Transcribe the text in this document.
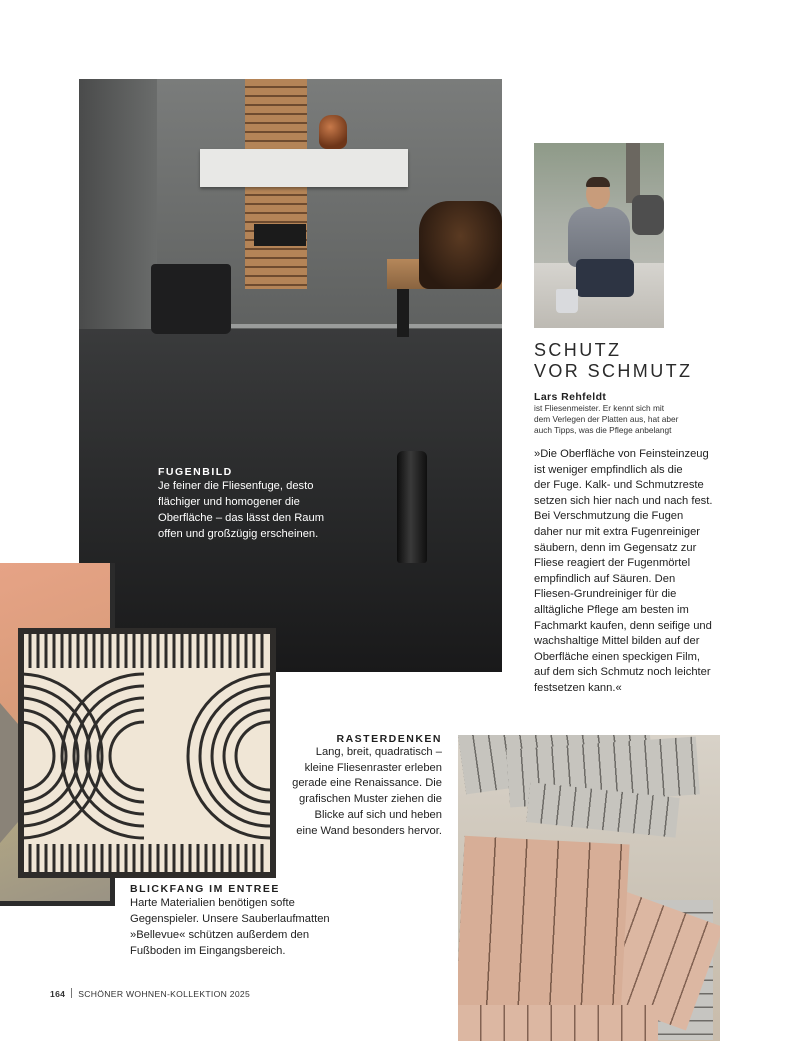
FUGENBILD
Je feiner die Fliesenfuge, desto
flächiger und homogener die
Oberfläche – das lässt den Raum
offen und großzügig erscheinen.
SCHUTZ
VOR SCHMUTZ
Lars Rehfeldt
ist Fliesenmeister. Er kennt sich mit
dem Verlegen der Platten aus, hat aber
auch Tipps, was die Pflege anbelangt
»Die Oberfläche von Feinsteinzeug
ist weniger empfindlich als die
der Fuge. Kalk- und Schmutzreste
setzen sich hier nach und nach fest.
Bei Verschmutzung die Fugen
daher nur mit extra Fugenreiniger
säubern, denn im Gegensatz zur
Fliese reagiert der Fugenmörtel
empfindlich auf Säuren. Den
Fliesen-Grundreiniger für die
alltägliche Pflege am besten im
Fachmarkt kaufen, denn seifige und
wachshaltige Mittel bilden auf der
Oberfläche einen speckigen Film,
auf dem sich Schmutz noch leichter
festsetzen kann.«
RASTERDENKEN
Lang, breit, quadratisch –
kleine Fliesenraster erleben
gerade eine Renaissance. Die
grafischen Muster ziehen die
Blicke auf sich und heben
eine Wand besonders hervor.
BLICKFANG IM ENTREE
Harte Materialien benötigen softe
Gegenspieler. Unsere Sauberlaufmatten
»Bellevue« schützen außerdem den
Fußboden im Eingangsbereich.
164 SCHÖNER WOHNEN-KOLLEKTION 2025
